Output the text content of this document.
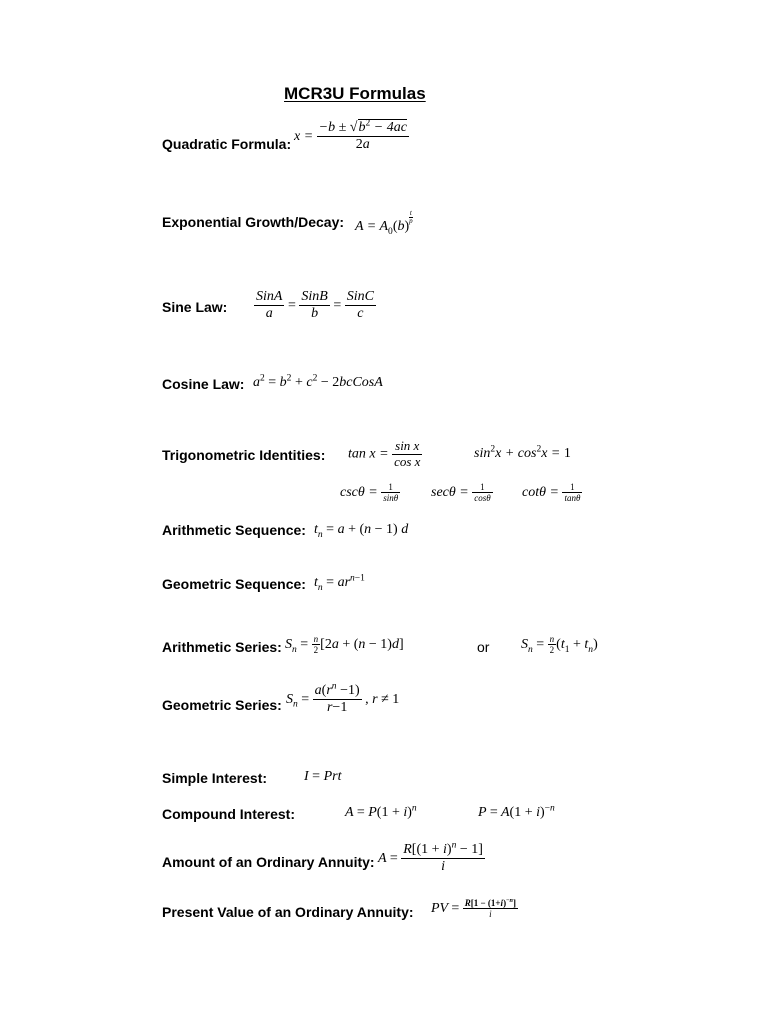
MCR3U Formulas
Quadratic Formula: $x = \frac{-b \pm √b^2 - 4ac}{2a}$
Exponential Growth/Decay: $A = A_0(b)$
$\frac{t}{p}$
Sine Law: $\frac{\text{SinA}}{a} = \frac{\text{SinB}}{b} = \frac{\text{SinC}}{c}$
Cosine Law: $a^2 = b^2 + c^2$ − 2bcCosA
Trigonometric Identities: $\tan x = \frac{\text{sin x}}{\text{cos x}}$	$\sin^2x + \cos^2x = 1$
$\csc\theta = \frac{1}{\sin\theta}$ $\sec\theta = \frac{1}{\cos\theta}$ $\cot\theta = \frac{1}{\tan\theta}$
Arithmetic Sequence: $t_n = a + (n - 1)$ d
Geometric Sequence: $t_n = ar^{n-1}$
Arithmetic Series: $S_n = \frac{n}{2} [2a + (n - 1)d]$	or $S_n = \frac{n}{2} (t_1 + t_n)$
Geometric Series: $S_n = \frac{a(r^n -1)}{r-1}$ , r ≠ 1
Simple Interest:	I = Prt
Compound Interest:	$A = P(1 + i)^n$	$P = A(1 + i)^{-n}$
Amount of an Ordinary Annuity: $A = \frac{R[(1 + i)^n - 1]}{i}$
Present Value of an Ordinary Annuity: PV = $\frac{R[1 - (1+i)^{-n}]}{i}$
